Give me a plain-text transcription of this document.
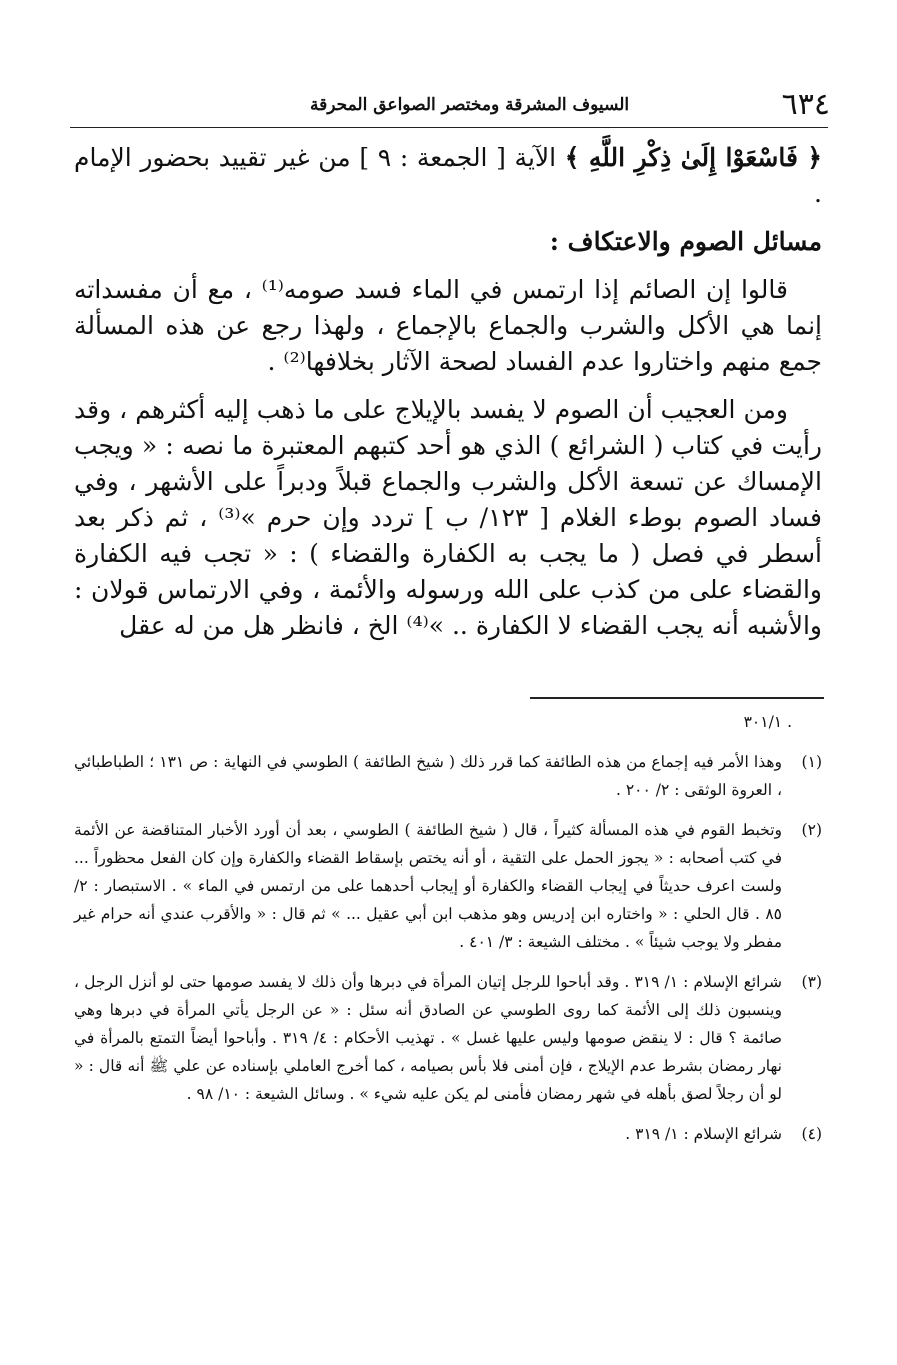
٦٣٤
السيوف المشرقة ومختصر الصواعق المحرقة

﴿ فَاسْعَوْا إِلَىٰ ذِكْرِ اللَّهِ ﴾ الآية [ الجمعة : ٩ ] من غير تقييد بحضور الإمام .

مسائل الصوم والاعتكاف :

قالوا إن الصائم إذا ارتمس في الماء فسد صومه⁽¹⁾ ، مع أن مفسداته إنما هي الأكل والشرب والجماع بالإجماع ، ولهذا رجع عن هذه المسألة جمع منهم واختاروا عدم الفساد لصحة الآثار بخلافها⁽²⁾ .

ومن العجيب أن الصوم لا يفسد بالإيلاج على ما ذهب إليه أكثرهم ، وقد رأيت في كتاب ( الشرائع ) الذي هو أحد كتبهم المعتبرة ما نصه : « ويجب الإمساك عن تسعة الأكل والشرب والجماع قبلاً ودبراً على الأشهر ، وفي فساد الصوم بوطء الغلام [ ١٢٣/ ب ] تردد وإن حرم »⁽³⁾ ، ثم ذكر بعد أسطر في فصل ( ما يجب به الكفارة والقضاء ) : « تجب فيه الكفارة والقضاء على من كذب على الله ورسوله والأئمة ، وفي الارتماس قولان : والأشبه أنه يجب القضاء لا الكفارة .. »⁽⁴⁾ الخ ، فانظر هل من له عقل

. ٣٠١/١

(١)
وهذا الأمر فيه إجماع من هذه الطائفة كما قرر ذلك ( شيخ الطائفة ) الطوسي في النهاية : ص ١٣١ ؛ الطباطبائي ، العروة الوثقى : ٢/ ٢٠٠ .
(٢)
وتخبط القوم في هذه المسألة كثيراً ، قال ( شيخ الطائفة ) الطوسي ، بعد أن أورد الأخبار المتناقضة عن الأئمة في كتب أصحابه : « يجوز الحمل على التقية ، أو أنه يختص بإسقاط القضاء والكفارة وإن كان الفعل محظوراً ... ولست اعرف حديثاً في إيجاب القضاء والكفارة أو إيجاب أحدهما على من ارتمس في الماء » . الاستبصار : ٢/ ٨٥ . قال الحلي : « واختاره ابن إدريس وهو مذهب ابن أبي عقيل ... » ثم قال : « والأقرب عندي أنه حرام غير مفطر ولا يوجب شيئاً » . مختلف الشيعة : ٣/ ٤٠١ .
(٣)
شرائع الإسلام : ١/ ٣١٩ . وقد أباحوا للرجل إتيان المرأة في دبرها وأن ذلك لا يفسد صومها حتى لو أنزل الرجل ، وينسبون ذلك إلى الأئمة كما روى الطوسي عن الصادق أنه سئل : « عن الرجل يأتي المرأة في دبرها وهي صائمة ؟ قال : لا ينقض صومها وليس عليها غسل » . تهذيب الأحكام : ٤/ ٣١٩ . وأباحوا أيضاً التمتع بالمرأة في نهار رمضان بشرط عدم الإيلاج ، فإن أمنى فلا بأس بصيامه ، كما أخرج العاملي بإسناده عن علي ﷺ أنه قال : « لو أن رجلاً لصق بأهله في شهر رمضان فأمنى لم يكن عليه شيء » . وسائل الشيعة : ١٠/ ٩٨ .
(٤)
شرائع الإسلام : ١/ ٣١٩ .
